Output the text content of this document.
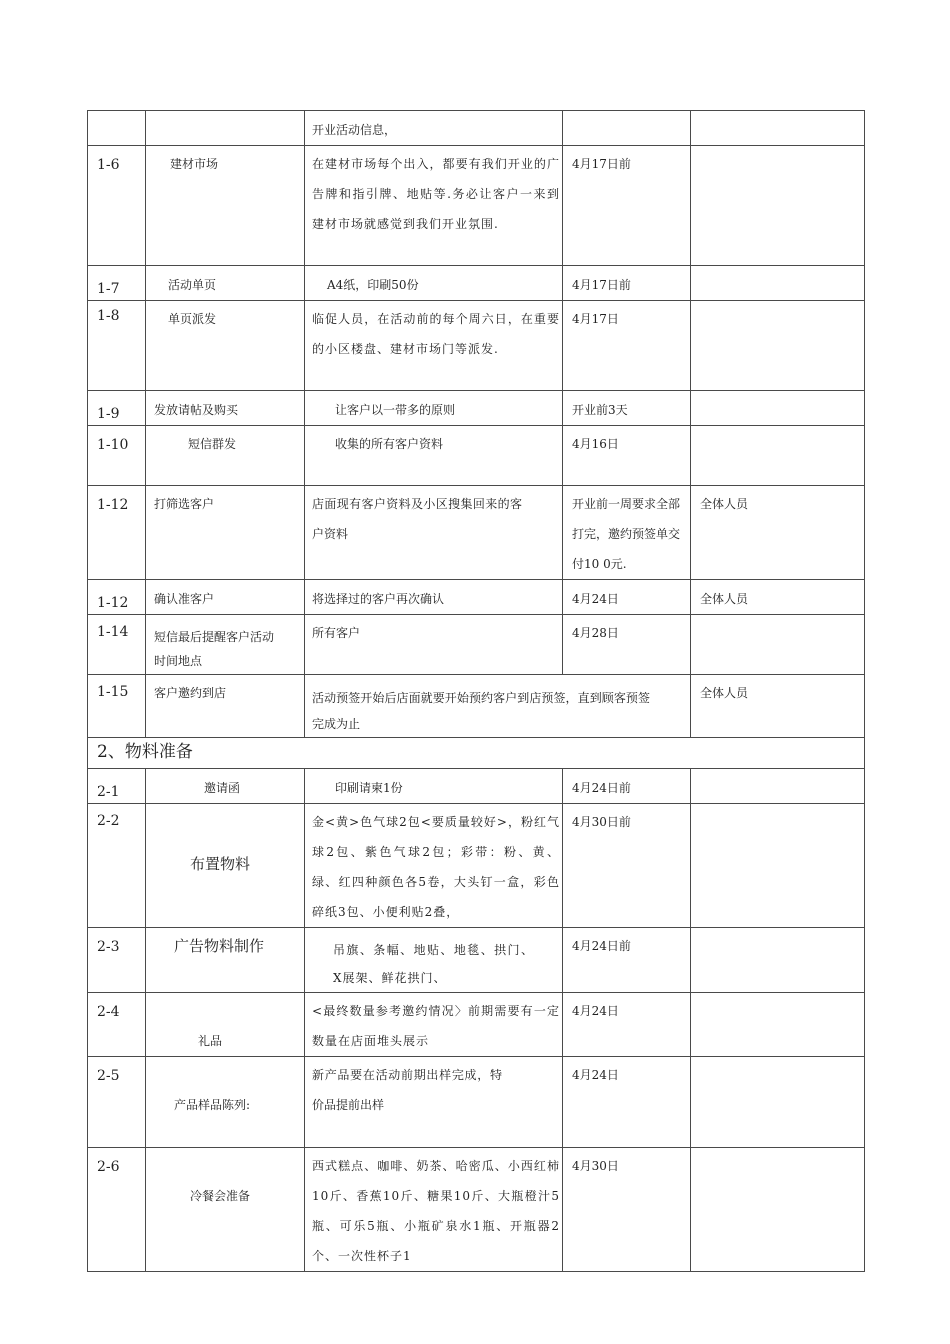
		开业活动信息，		
1-6	建材市场	在建材市场每个出入，都要有我们开业的广告牌和指引牌、地贴等.务必让客户一来到建材市场就感觉到我们开业氛围.	4月17日前	
1-7	活动单页	A4纸，印刷50份	4月17日前	
1-8	单页派发	临促人员，在活动前的每个周六日，在重要的小区楼盘、建材市场门等派发.	4月17日	
1-9	发放请帖及购买	让客户以一带多的原则	开业前3天	
1-10	短信群发	收集的所有客户资料	4月16日	
1-12	打筛选客户	店面现有客户资料及小区搜集回来的客户资料	开业前一周要求全部打完，邀约预签单交付10 0元.	全体人员
1-12	确认准客户	将选择过的客户再次确认	4月24日	全体人员
1-14	短信最后提醒客户活动时间地点	所有客户	4月28日	
1-15	客户邀约到店	活动预签开始后店面就要开始预约客户到店预签，直到顾客预签完成为止		全体人员
2、物料准备				
2-1	邀请函	印刷请柬1份	4月24日前	
2-2	布置物料	金<黄>色气球2包<要质量较好>，粉红气球2包、紫色气球2包；彩带：粉、黄、绿、红四种颜色各5卷，大头钉一盒，彩色碎纸3包、小便利贴2叠，	4月30日前	
2-3	广告物料制作	吊旗、条幅、地贴、地毯、拱门、X展架、鲜花拱门、	4月24日前	
2-4	礼品	<最终数量参考邀约情况〉前期需要有一定数量在店面堆头展示	4月24日	
2-5	产品样品陈列:	新产品要在活动前期出样完成，特价品提前出样	4月24日	
2-6	冷餐会准备	西式糕点、咖啡、奶茶、哈密瓜、小西红柿10斤、香蕉10斤、糖果10斤、大瓶橙汁5瓶、可乐5瓶、小瓶矿泉水1瓶、开瓶器2个、一次性杯子1	4月30日	
